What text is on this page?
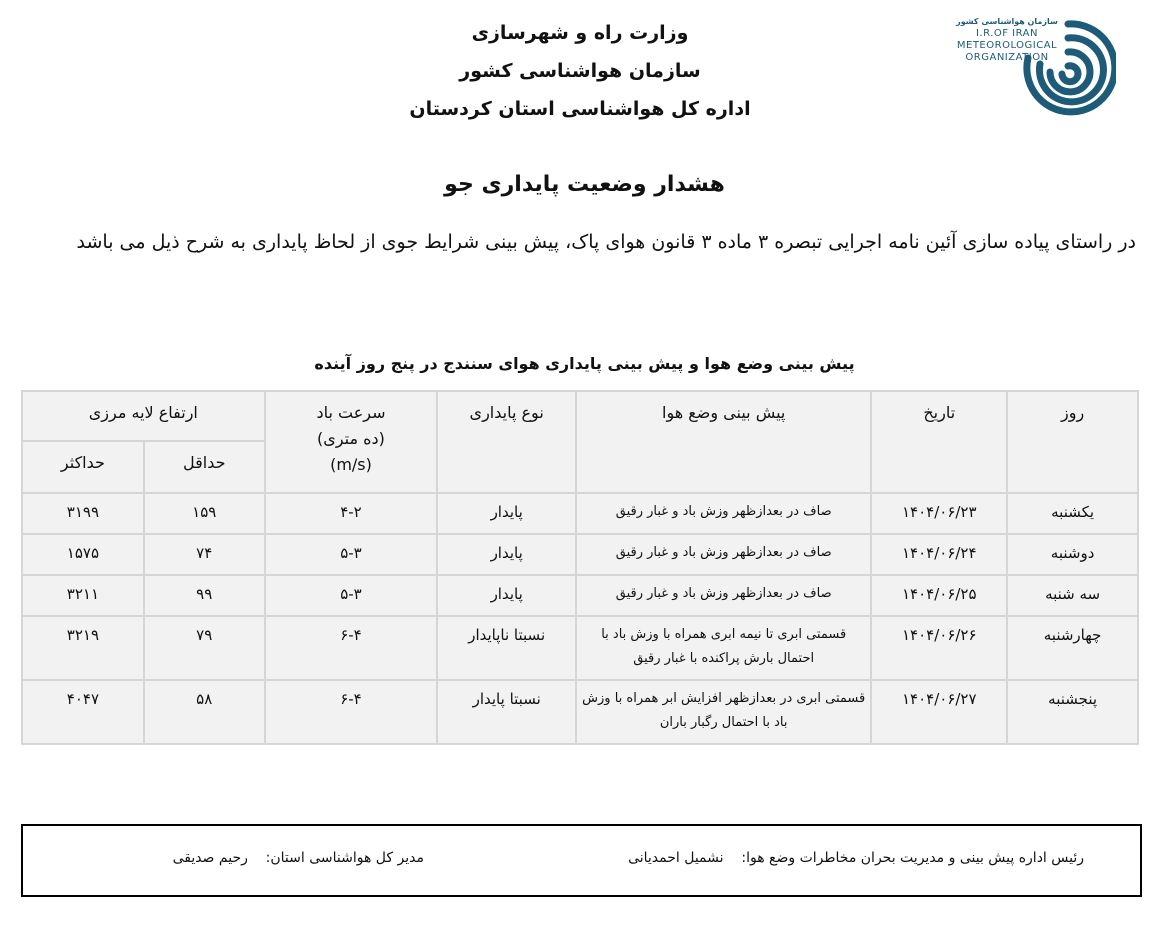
وزارت راه و شهرسازی
سازمان هواشناسی کشور
اداره کل هواشناسی استان کردستان
سازمان هواشناسی کشور
I.R.OF IRAN
METEOROLOGICAL
ORGANIZATION
هشدار وضعیت پایداری جو
در راستای پیاده سازی آئین نامه اجرایی تبصره ۳ ماده ۳ قانون هوای پاک، پیش بینی شرایط جوی از لحاظ پایداری به شرح ذیل می باشد
پیش بینی وضع هوا و پیش بینی پایداری هوای سنندج در پنج روز آینده
روز	تاریخ	پیش بینی وضع هوا	نوع پایداری	سرعت باد
(ده متری)
(m/s)	ارتفاع لایه مرزی	
					حداقل	حداکثر
یکشنبه	۱۴۰۴/۰۶/۲۳	صاف در بعدازظهر وزش باد و غبار رقیق	پایدار	۴-۲	۱۵۹	۳۱۹۹
دوشنبه	۱۴۰۴/۰۶/۲۴	صاف در بعدازظهر وزش باد و غبار رقیق	پایدار	۵-۳	۷۴	۱۵۷۵
سه شنبه	۱۴۰۴/۰۶/۲۵	صاف در بعدازظهر وزش باد و غبار رقیق	پایدار	۵-۳	۹۹	۳۲۱۱
چهارشنبه	۱۴۰۴/۰۶/۲۶	قسمتی ابری تا نیمه ابری همراه با وزش باد با احتمال بارش پراکنده با غبار رقیق	نسبتا ناپایدار	۶-۴	۷۹	۳۲۱۹
پنجشنبه	۱۴۰۴/۰۶/۲۷	قسمتی ابری در بعدازظهر افزایش ابر همراه با وزش باد با احتمال رگبار باران	نسبتا پایدار	۶-۴	۵۸	۴۰۴۷
رئیس اداره پیش بینی و مدیریت بحران مخاطرات وضع هوا:    نشمیل احمدیانی
مدیر کل هواشناسی استان:    رحیم صدیقی
